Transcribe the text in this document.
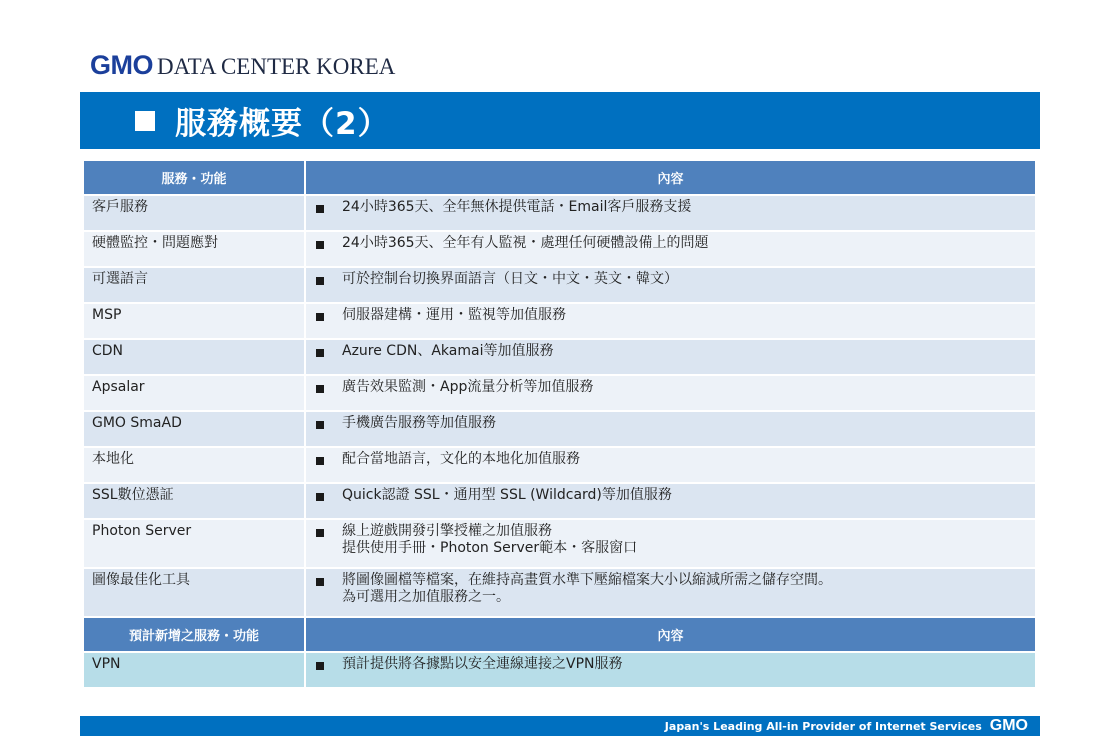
GMO DATA CENTER KOREA
服務概要（2）
服務・功能	內容
客戶服務	24小時365天、全年無休提供電話・Email客戶服務支援

硬體監控・問題應對	24小時365天、全年有人監視・處理任何硬體設備上的問題

可選語言	可於控制台切換界面語言（日文・中文・英文・韓文）

MSP	伺服器建構・運用・監視等加值服務

CDN	Azure CDN、Akamai等加值服務

Apsalar	廣告效果監測・App流量分析等加值服務

GMO SmaAD	手機廣告服務等加值服務

本地化	配合當地語言，文化的本地化加值服務

SSL數位憑証	Quick認證 SSL・通用型 SSL (Wildcard)等加值服務

Photon Server	線上遊戲開發引擎授權之加值服務
提供使用手冊・Photon Server範本・客服窗口

圖像最佳化工具	將圖像圖檔等檔案，在維持高畫質水準下壓縮檔案大小以縮減所需之儲存空間。
為可選用之加值服務之一。

預計新增之服務・功能	內容
VPN	預計提供將各據點以安全連線連接之VPN服務
Japan's Leading All-in Provider of Internet Services GMO
